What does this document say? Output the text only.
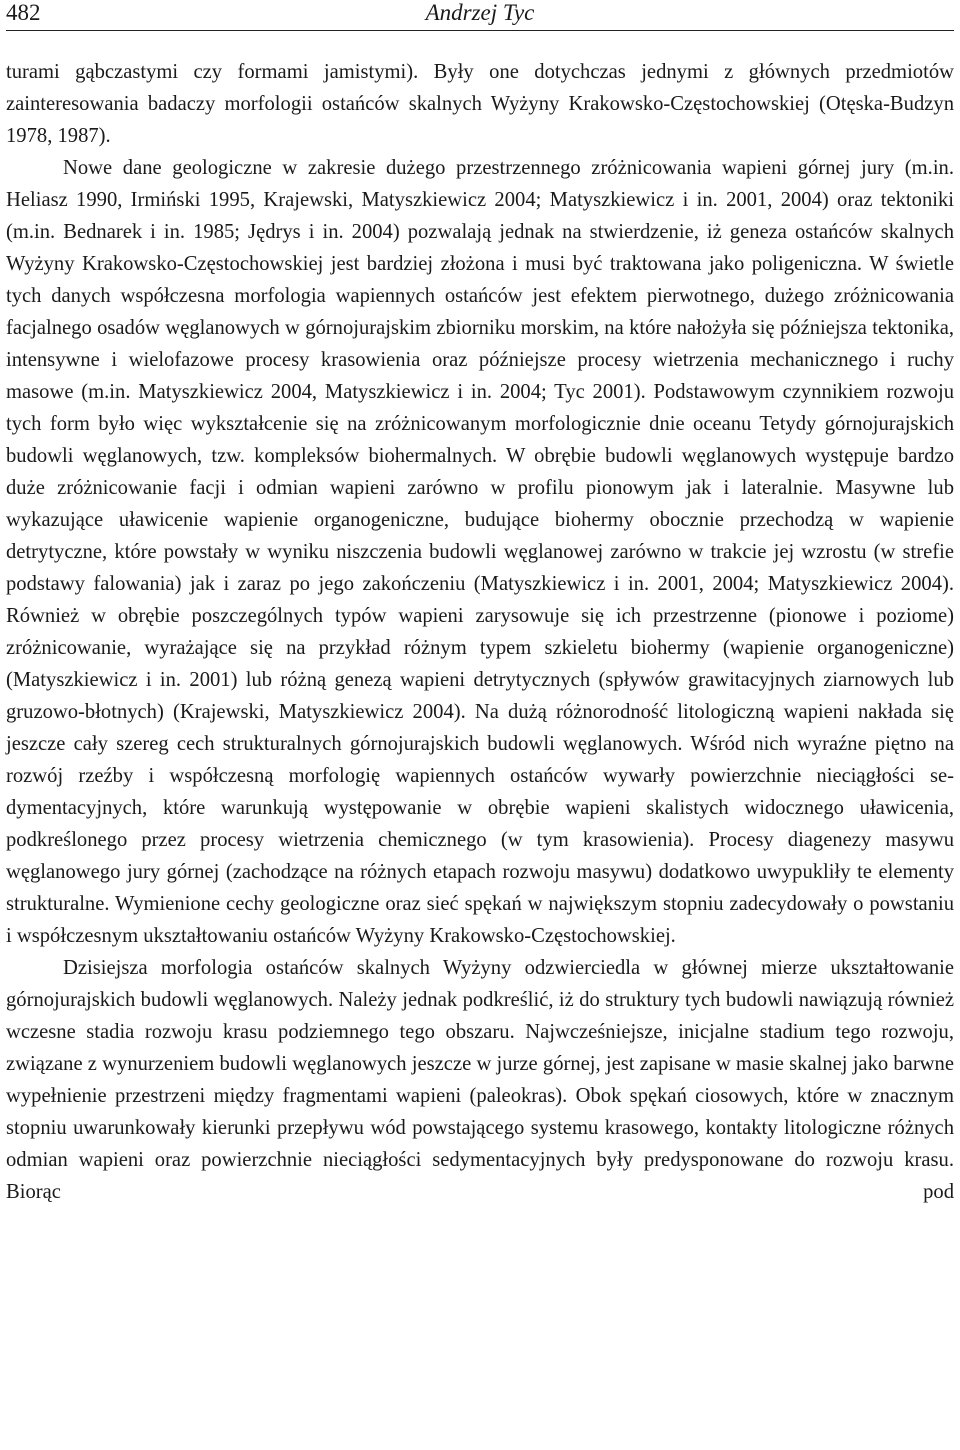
482	Andrzej Tyc

turami gąbczastymi czy formami jamistymi). Były one dotychczas jednymi z głównych przedmiotów zainteresowania badaczy morfologii ostańców skalnych Wyżyny Krakowsko-Częstochowskiej (Otęska-Budzyn 1978, 1987).

Nowe dane geologiczne w zakresie dużego przestrzennego zróżnicowania wapieni górnej jury (m.in. Heliasz 1990, Irmiński 1995, Krajewski, Matyszkiewicz 2004; Matyszkiewicz i in. 2001, 2004) oraz tektoniki (m.in. Bednarek i in. 1985; Jędrys i in. 2004) pozwalają jednak na stwierdzenie, iż geneza ostańców skalnych Wyżyny Krakowsko-Częstochowskiej jest bardziej złożona i musi być traktowana jako poligeniczna. W świetle tych danych współczesna morfologia wapiennych ostańców jest efektem pierwotnego, dużego zróżnicowania facjalnego osadów węglanowych w górnojurajskim zbiorniku morskim, na które nałożyła się późniejsza tektonika, intensywne i wielofazowe procesy krasowienia oraz późniejsze procesy wietrzenia mechanicznego i ruchy masowe (m.in. Matyszkiewicz 2004, Matyszkiewicz i in. 2004; Tyc 2001). Podstawowym czynnikiem rozwoju tych form było więc wykształcenie się na zróżnicowanym morfologicznie dnie oceanu Tetydy górnojurajskich budowli węglanowych, tzw. kompleksów biohermalnych. W obrębie budowli węglanowych występuje bardzo duże zróżnicowanie facji i odmian wapieni zarówno w profilu pionowym jak i lateralnie. Masywne lub wykazujące uławicenie wapienie organogeniczne, budujące biohermy obocznie przechodzą w wapienie detrytyczne, które powstały w wyniku niszczenia budowli węglanowej zarówno w trakcie jej wzrostu (w strefie podstawy falowania) jak i zaraz po jego zakończeniu (Matyszkiewicz i in. 2001, 2004; Matyszkiewicz 2004). Również w obrębie poszczególnych typów wapieni zarysowuje się ich przestrzenne (pionowe i poziome) zróżnicowanie, wyrażające się na przykład różnym typem szkieletu biohermy (wapienie organogeniczne) (Matyszkiewicz i in. 2001) lub różną genezą wapieni detrytycznych (spływów grawitacyjnych ziarnowych lub gruzowo-błotnych) (Krajewski, Matyszkiewicz 2004). Na dużą różnorodność litologiczną wapieni nakłada się jeszcze cały szereg cech strukturalnych górnojurajskich budowli węglanowych. Wśród nich wyraźne piętno na rozwój rzeźby i współczesną morfologię wapiennych ostańców wywarły powierzchnie nieciągłości sedymentacyjnych, które warunkują występowanie w obrębie wapieni skalistych widocznego uławicenia, podkreślonego przez procesy wietrzenia chemicznego (w tym krasowienia). Procesy diagenezy masywu węglanowego jury górnej (zachodzące na różnych etapach rozwoju masywu) dodatkowo uwypukliły te elementy strukturalne. Wymienione cechy geologiczne oraz sieć spękań w największym stopniu zadecydowały o powstaniu i współczesnym ukształtowaniu ostańców Wyżyny Krakowsko-Częstochowskiej.

Dzisiejsza morfologia ostańców skalnych Wyżyny odzwierciedla w głównej mierze ukształtowanie górnojurajskich budowli węglanowych. Należy jednak podkreślić, iż do struktury tych budowli nawiązują również wczesne stadia rozwoju krasu podziemnego tego obszaru. Najwcześniejsze, inicjalne stadium tego rozwoju, związane z wynurzeniem budowli węglanowych jeszcze w jurze górnej, jest zapisane w masie skalnej jako barwne wypełnienie przestrzeni między fragmentami wapieni (paleokras). Obok spękań ciosowych, które w znacznym stopniu uwarunkowały kierunki przepływu wód powstającego systemu krasowego, kontakty litologiczne różnych odmian wapieni oraz powierzchnie nieciągłości sedymentacyjnych były predysponowane do rozwoju krasu. Biorąc pod
